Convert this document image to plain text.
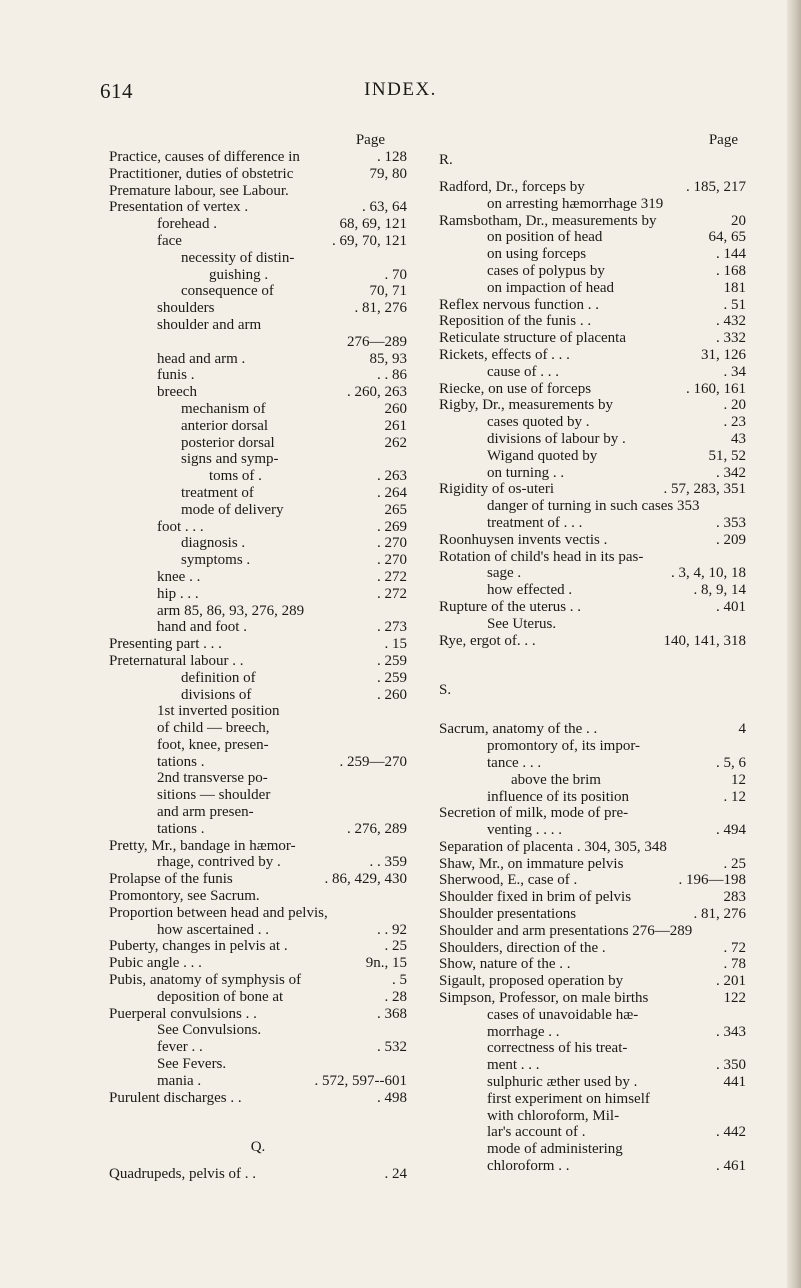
614	INDEX.
Page
Practice, causes of difference in	. 128
Practitioner, duties of obstetric	79, 80
Premature labour, see Labour.
Presentation of vertex .	. 63, 64
forehead .	68, 69, 121
face	. 69, 70, 121
necessity of distin-
guishing .	. 70
consequence of	70, 71
shoulders	. 81, 276
shoulder and arm
276—289
head and arm .	85, 93
funis .	. . 86
breech	. 260, 263
mechanism of	260
anterior dorsal	261
posterior dorsal	262
signs and symp-
toms of .	. 263
treatment of	. 264
mode of delivery	265
foot . . .	. 269
diagnosis .	. 270
symptoms .	. 270
knee . .	. 272
hip . . .	. 272
arm 85, 86, 93, 276, 289
hand and foot .	. 273
Presenting part . . .	. 15
Preternatural labour . .	. 259
definition of	. 259
divisions of	. 260
1st inverted position
of child — breech,
foot, knee, presen-
tations .	. 259—270
2nd transverse po-
sitions — shoulder
and arm presen-
tations .	. 276, 289
Pretty, Mr., bandage in hæmor-
rhage, contrived by .	. . 359
Prolapse of the funis	. 86, 429, 430
Promontory, see Sacrum.
Proportion between head and pelvis,
how ascertained . .	. . 92
Puberty, changes in pelvis at .	. 25
Pubic angle . . .	9n., 15
Pubis, anatomy of symphysis of	. 5
deposition of bone at	. 28
Puerperal convulsions . .	. 368
See Convulsions.
fever . .	. 532
See Fevers.
mania .	. 572, 597--601
Purulent discharges . .	. 498
Q.
Quadrupeds, pelvis of . .	. 24
Page
R.
Radford, Dr., forceps by	. 185, 217
on arresting hæmorrhage 319
Ramsbotham, Dr., measurements by	20
on position of head	64, 65
on using forceps	. 144
cases of polypus by	. 168
on impaction of head	181
Reflex nervous function . .	. 51
Reposition of the funis . .	. 432
Reticulate structure of placenta	. 332
Rickets, effects of . . .	31, 126
cause of . . .	. 34
Riecke, on use of forceps	. 160, 161
Rigby, Dr., measurements by	. 20
cases quoted by .	. 23
divisions of labour by .	43
Wigand quoted by	51, 52
on turning . .	. 342
Rigidity of os-uteri	. 57, 283, 351
danger of turning in such cases 353
treatment of . . .	. 353
Roonhuysen invents vectis .	. 209
Rotation of child's head in its pas-
sage .	. 3, 4, 10, 18
how effected .	. 8, 9, 14
Rupture of the uterus . .	. 401
See Uterus.
Rye, ergot of. . .	140, 141, 318
S.
Sacrum, anatomy of the . .	4
promontory of, its impor-
tance . . .	. 5, 6
above the brim	12
influence of its position	. 12
Secretion of milk, mode of pre-
venting . . . .	. 494
Separation of placenta . 304, 305, 348
Shaw, Mr., on immature pelvis	. 25
Sherwood, E., case of .	. 196—198
Shoulder fixed in brim of pelvis	283
Shoulder presentations	. 81, 276
Shoulder and arm presentations 276—289
Shoulders, direction of the .	. 72
Show, nature of the . .	. 78
Sigault, proposed operation by	. 201
Simpson, Professor, on male births	122
cases of unavoidable hæ-
morrhage . .	. 343
correctness of his treat-
ment . . .	. 350
sulphuric æther used by .	441
first experiment on himself
with chloroform, Mil-
lar's account of .	. 442
mode of administering
chloroform . .	. 461
